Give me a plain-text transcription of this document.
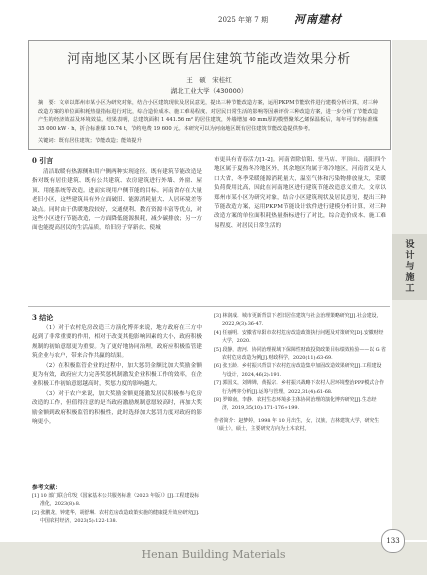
2025 年第 7 期 河南建材
设计与施工
河南地区某小区既有居住建筑节能改造效果分析
王　硕　宋桂红
湖北工业大学（430000）
摘　要：文章以郑州市某小区为研究对象，结合小区建筑现状及居民意见，提出三种节能改造方案，运用PKPM节能软件进行建模分析计算，对三种改造方案的单位面积耗热量指标进行对比，综合造价成本、施工难易程度、对居民日常生活的影响等因素评价三种改造方案，进一步分析了节能改造产生的经济效益及环境效益。结果表明，总建筑面积 1 441.56 m² 的居住建筑，外墙增加 40 mm厚的模塑聚苯乙烯保温板后，每年可节约标准煤 35 000 kW · h，折合标准煤 10.74 t，节约电费 19 600 元。本研究可以为河南地区既有居住建筑节能改造提供参考。
关键词：既有居住建筑；节能改造；能效提升
0 引言

清洁取暖有热源侧和用户侧两种实现途径。既有建筑节能改造是指对既有居住建筑、既有公共建筑、农房建筑进行外墙、外窗、屋顶、用能系统等改造。进而实现用户侧节能的目标。河南省存在大量老旧小区，这些建筑具有外立面破旧、能源消耗量大、人居环境差等缺点。同时由于供暖地段较好，交通便利、教育资源丰富等优点，对这些小区进行节能改造，一方面降低能源损耗，减少碳排放；另一方面也能提高居民的生活品质，给旧房子穿新衣、使城

市更具有青春活力[1-2]。河南省除信阳、驻马店、平顶山、南阳四个地区属于夏热冬冷地区外，其余地区均属于寒冷地区，河南省又是人口大省，冬季采暖能源消耗量大，温室气体和污染物排放量大，采暖负荷费用比高，因此在河南地区进行建筑节能改造意义重大。文章以郑州市某小区为研究对象，结合小区建筑现状及居民意见，提出三种节能改造方案，运用PKPM节能设计软件进行建模分析计算，对三种改造方案的单位面积耗热量指标进行了对比，综合造价成本、施工难易程度、对居民日常生活的

3 结论

（1）对于农村危房改造三方演化博弈来说，地方政府在三方中起到了非常重要的作用，相对于改变其他影响因素的大小，政府积极规制的初始意愿更为重要。为了更好地协同治理，政府应积极监管建筑企业与农户，带来合作共赢的结果。

（2）在积极监管企业的过程中，加大惩罚金额比加大奖励金额更为有效，政府应大力完善奖惩机制激发企业积极工作的效率，在企业积极工作初始意愿越高时，奖惩力度的影响越大。

（3）对于农户来说，加大奖励金额更能激发居民积极参与危房改造的工作，但值得注意的是当政府激励规制意愿较高时，再加大奖励金额到政府积极监管的积极性，此时选择加大惩罚力度对政府的影响更小。

参考文献：
[1] 10 部门联合印发《国家基本公共服务标准（2023 年版）》[J].工程建设标准化，2023(8):8.
[2] 张鹏龙，钟建华，胡舒琳．农村危房改造政策实施的健康提升效应研究[J].中国农村经济，2023(5):122-138.
[3] 林润成．城市更新背景下老旧居住建筑与社会治理策略研究[J].社会建设，2022,9(3):36-47.
[4] 任丽明．安徽省阜阳市农村危房改造政策执行问题及对策研究[D].安徽财经大学，2020.
[5] 段静，唐河．协同治理视域下保障性财政投资政策目标绩效检验——以 G 省农村危房改造为例[J].财政科学，2020(11):63-69.
[6] 张玉龄．乡村振兴背景下农村危房改造集中加固改造效果研究[J].工程建设与设计，2024,46(2):191.
[7] 郭国义，刘婵婵，黄振宗．乡村振兴战略下农村人居环境整治PPP模式合作行为博弈分析[J].运筹与管理，2022,31(4):61-68.
[8] 罗锦南，李静．农村生态环境多主体协同治理的演化博弈研究[J].生态经济，2019,35(10):171-176+199.
作者简介：赵梦婷，1998 年 10 月出生，女，汉族，吉林建筑大学，研究生（硕士），硕士，主要研究方向为土木农村。
Henan Building Materials
133
